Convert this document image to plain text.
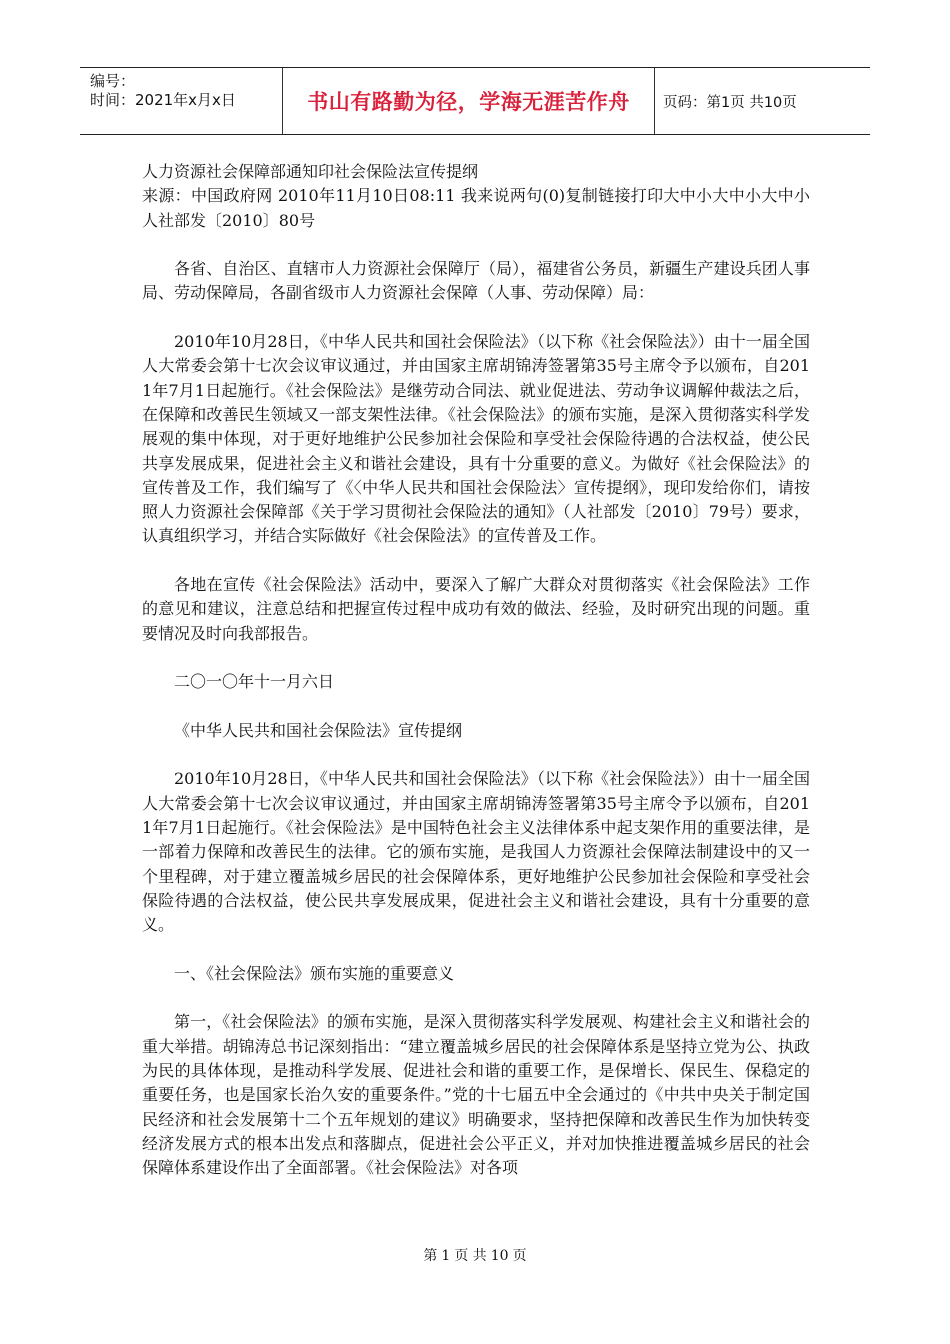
编号：
时间：2021年x月x日	书山有路勤为径，学海无涯苦作舟	页码：第1页 共10页

人力资源社会保障部通知印社会保险法宣传提纲

来源：中国政府网 2010年11月10日08:11 我来说两句(0)复制链接打印大中小大中小大中小　　人社部发〔2010〕80号

各省、自治区、直辖市人力资源社会保障厅（局），福建省公务员，新疆生产建设兵团人事局、劳动保障局，各副省级市人力资源社会保障（人事、劳动保障）局：

2010年10月28日，《中华人民共和国社会保险法》（以下称《社会保险法》）由十一届全国人大常委会第十七次会议审议通过，并由国家主席胡锦涛签署第35号主席令予以颁布，自2011年7月1日起施行。《社会保险法》是继劳动合同法、就业促进法、劳动争议调解仲裁法之后，在保障和改善民生领域又一部支架性法律。《社会保险法》的颁布实施，是深入贯彻落实科学发展观的集中体现，对于更好地维护公民参加社会保险和享受社会保险待遇的合法权益，使公民共享发展成果，促进社会主义和谐社会建设，具有十分重要的意义。为做好《社会保险法》的宣传普及工作，我们编写了《〈中华人民共和国社会保险法〉宣传提纲》，现印发给你们，请按照人力资源社会保障部《关于学习贯彻社会保险法的通知》（人社部发〔2010〕79号）要求，认真组织学习，并结合实际做好《社会保险法》的宣传普及工作。

各地在宣传《社会保险法》活动中，要深入了解广大群众对贯彻落实《社会保险法》工作的意见和建议，注意总结和把握宣传过程中成功有效的做法、经验，及时研究出现的问题。重要情况及时向我部报告。

二〇一〇年十一月六日

《中华人民共和国社会保险法》宣传提纲

2010年10月28日，《中华人民共和国社会保险法》（以下称《社会保险法》）由十一届全国人大常委会第十七次会议审议通过，并由国家主席胡锦涛签署第35号主席令予以颁布，自2011年7月1日起施行。《社会保险法》是中国特色社会主义法律体系中起支架作用的重要法律，是一部着力保障和改善民生的法律。它的颁布实施，是我国人力资源社会保障法制建设中的又一个里程碑，对于建立覆盖城乡居民的社会保障体系，更好地维护公民参加社会保险和享受社会保险待遇的合法权益，使公民共享发展成果，促进社会主义和谐社会建设，具有十分重要的意义。

一、《社会保险法》颁布实施的重要意义

第一，《社会保险法》的颁布实施，是深入贯彻落实科学发展观、构建社会主义和谐社会的重大举措。胡锦涛总书记深刻指出：“建立覆盖城乡居民的社会保障体系是坚持立党为公、执政为民的具体体现，是推动科学发展、促进社会和谐的重要工作，是保增长、保民生、保稳定的重要任务，也是国家长治久安的重要条件。”党的十七届五中全会通过的《中共中央关于制定国民经济和社会发展第十二个五年规划的建议》明确要求，坚持把保障和改善民生作为加快转变经济发展方式的根本出发点和落脚点，促进社会公平正义，并对加快推进覆盖城乡居民的社会保障体系建设作出了全面部署。《社会保险法》对各项

第 1 页 共 10 页
